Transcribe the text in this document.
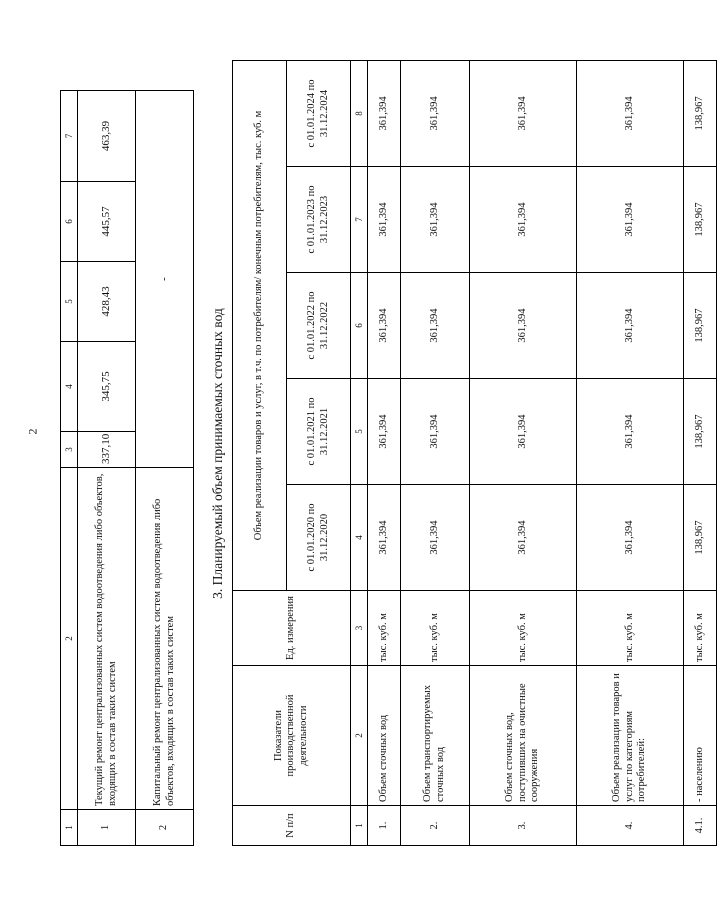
2
1	2	3	4	5	6	7
1	Текущий ремонт централизованных систем водоотведения либо объектов, входящих в состав таких систем	337,10	345,75	428,43	445,57	463,39
2	Капитальный ремонт централизованных систем водоотведения либо объектов, входящих в состав таких систем	-				
3. Планируемый объем принимаемых сточных вод
N п/п	Показатели производственной деятельности	Ед. измерения	Объем реализации товаров и услуг, в т.ч. по потребителям/ конечным потребителям, тыс. куб. м				
			с 01.01.2020 по 31.12.2020	с 01.01.2021 по 31.12.2021	с 01.01.2022 по 31.12.2022	с 01.01.2023 по 31.12.2023	с 01.01.2024 по 31.12.2024
1	2	3	4	5	6	7	8
1.	Объем сточных вод	тыс. куб. м	361,394	361,394	361,394	361,394	361,394
2.	Объем транспортируемых сточных вод	тыс. куб. м	361,394	361,394	361,394	361,394	361,394
3.	Объем сточных вод, поступивших на очистные сооружения	тыс. куб. м	361,394	361,394	361,394	361,394	361,394
4.	Объем реализации товаров и услуг по категориям потребителей:	тыс. куб. м	361,394	361,394	361,394	361,394	361,394
4.1.	- населению	тыс. куб. м	138,967	138,967	138,967	138,967	138,967
